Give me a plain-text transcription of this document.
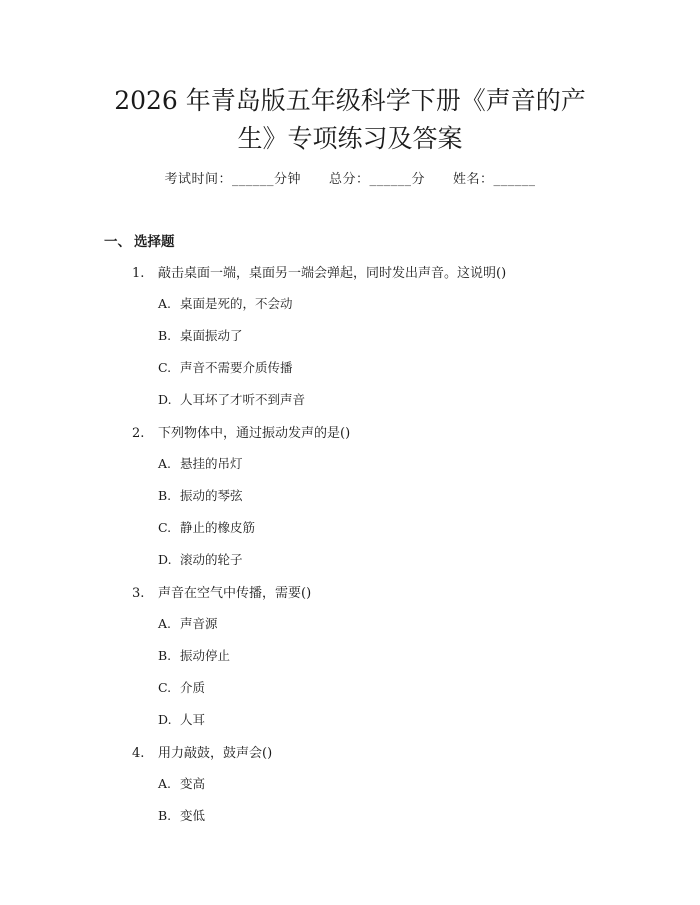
2026 年青岛版五年级科学下册《声音的产
生》专项练习及答案
考试时间：______分钟 总分：______分 姓名：______
一、 选择题
1. 敲击桌面一端，桌面另一端会弹起，同时发出声音。这说明()
A. 桌面是死的，不会动
B. 桌面振动了
C. 声音不需要介质传播
D. 人耳坏了才听不到声音
2. 下列物体中，通过振动发声的是()
A. 悬挂的吊灯
B. 振动的琴弦
C. 静止的橡皮筋
D. 滚动的轮子
3. 声音在空气中传播，需要()
A. 声音源
B. 振动停止
C. 介质
D. 人耳
4. 用力敲鼓，鼓声会()
A. 变高
B. 变低
